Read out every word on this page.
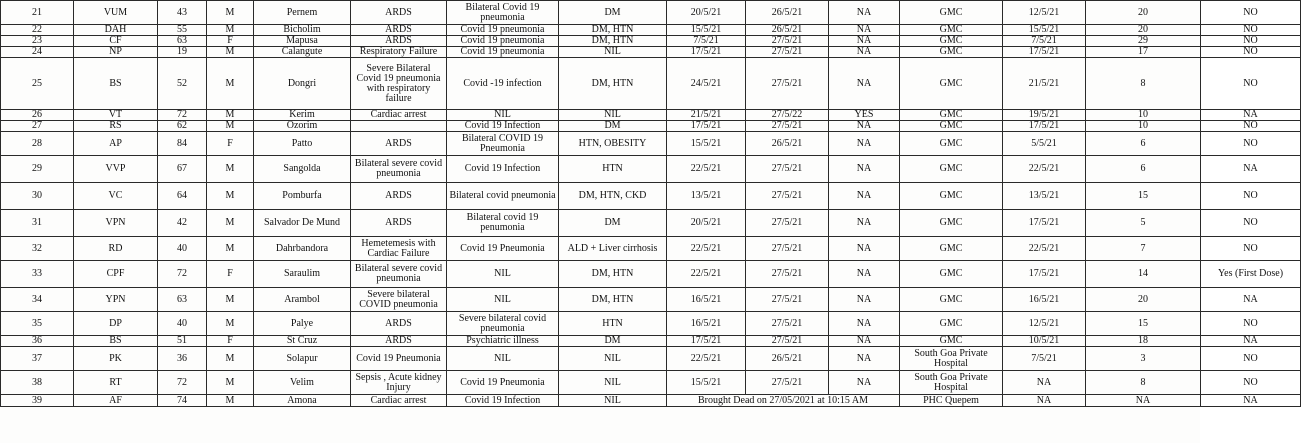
21	VUM	43	M	Pernem	ARDS	Bilateral Covid 19 pneumonia	DM	20/5/21	26/5/21	NA	GMC	12/5/21	20	NO
22	DAH	55	M	Bicholim	ARDS	Covid 19 pneumonia	DM, HTN	15/5/21	26/5/21	NA	GMC	15/5/21	20	NO
23	CF	63	F	Mapusa	ARDS	Covid 19 pneumonia	DM, HTN	7/5/21	27/5/21	NA	GMC	7/5/21	29	NO
24	NP	19	M	Calangute	Respiratory Failure	Covid 19 pneumonia	NIL	17/5/21	27/5/21	NA	GMC	17/5/21	17	NO
25	BS	52	M	Dongri	Severe Bilateral Covid 19 pneumonia with respiratory failure	Covid -19 infection	DM, HTN	24/5/21	27/5/21	NA	GMC	21/5/21	8	NO
26	VT	72	M	Kerim	Cardiac arrest	NIL	NIL	21/5/21	27/5/22	YES	GMC	19/5/21	10	NA
27	RS	62	M	Ozorim		Covid 19 Infection	DM	17/5/21	27/5/21	NA	GMC	17/5/21	10	NO
28	AP	84	F	Patto	ARDS	Bilateral COVID 19 Pneumonia	HTN, OBESITY	15/5/21	26/5/21	NA	GMC	5/5/21	6	NO
29	VVP	67	M	Sangolda	Bilateral severe covid pneumonia	Covid 19 Infection	HTN	22/5/21	27/5/21	NA	GMC	22/5/21	6	NA
30	VC	64	M	Pomburfa	ARDS	Bilateral covid pneumonia	DM, HTN, CKD	13/5/21	27/5/21	NA	GMC	13/5/21	15	NO
31	VPN	42	M	Salvador De Mund	ARDS	Bilateral covid 19 penumonia	DM	20/5/21	27/5/21	NA	GMC	17/5/21	5	NO
32	RD	40	M	Dahrbandora	Hemetemesis with Cardiac Failure	Covid 19 Pneumonia	ALD + Liver cirrhosis	22/5/21	27/5/21	NA	GMC	22/5/21	7	NO
33	CPF	72	F	Saraulim	Bilateral severe covid pneumonia	NIL	DM, HTN	22/5/21	27/5/21	NA	GMC	17/5/21	14	Yes (First Dose)
34	YPN	63	M	Arambol	Severe bilateral COVID pneumonia	NIL	DM, HTN	16/5/21	27/5/21	NA	GMC	16/5/21	20	NA
35	DP	40	M	Palye	ARDS	Severe bilateral covid pneumonia	HTN	16/5/21	27/5/21	NA	GMC	12/5/21	15	NO
36	BS	51	F	St Cruz	ARDS	Psychiatric illness	DM	17/5/21	27/5/21	NA	GMC	10/5/21	18	NA
37	PK	36	M	Solapur	Covid 19 Pneumonia	NIL	NIL	22/5/21	26/5/21	NA	South Goa Private Hospital	7/5/21	3	NO
38	RT	72	M	Velim	Sepsis , Acute kidney Injury	Covid 19 Pneumonia	NIL	15/5/21	27/5/21	NA	South Goa Private Hospital	NA	8	NO
39	AF	74	M	Amona	Cardiac arrest	Covid 19 Infection	NIL	Brought Dead on 27/05/2021 at 10:15 AM			PHC Quepem	NA	NA	NA
